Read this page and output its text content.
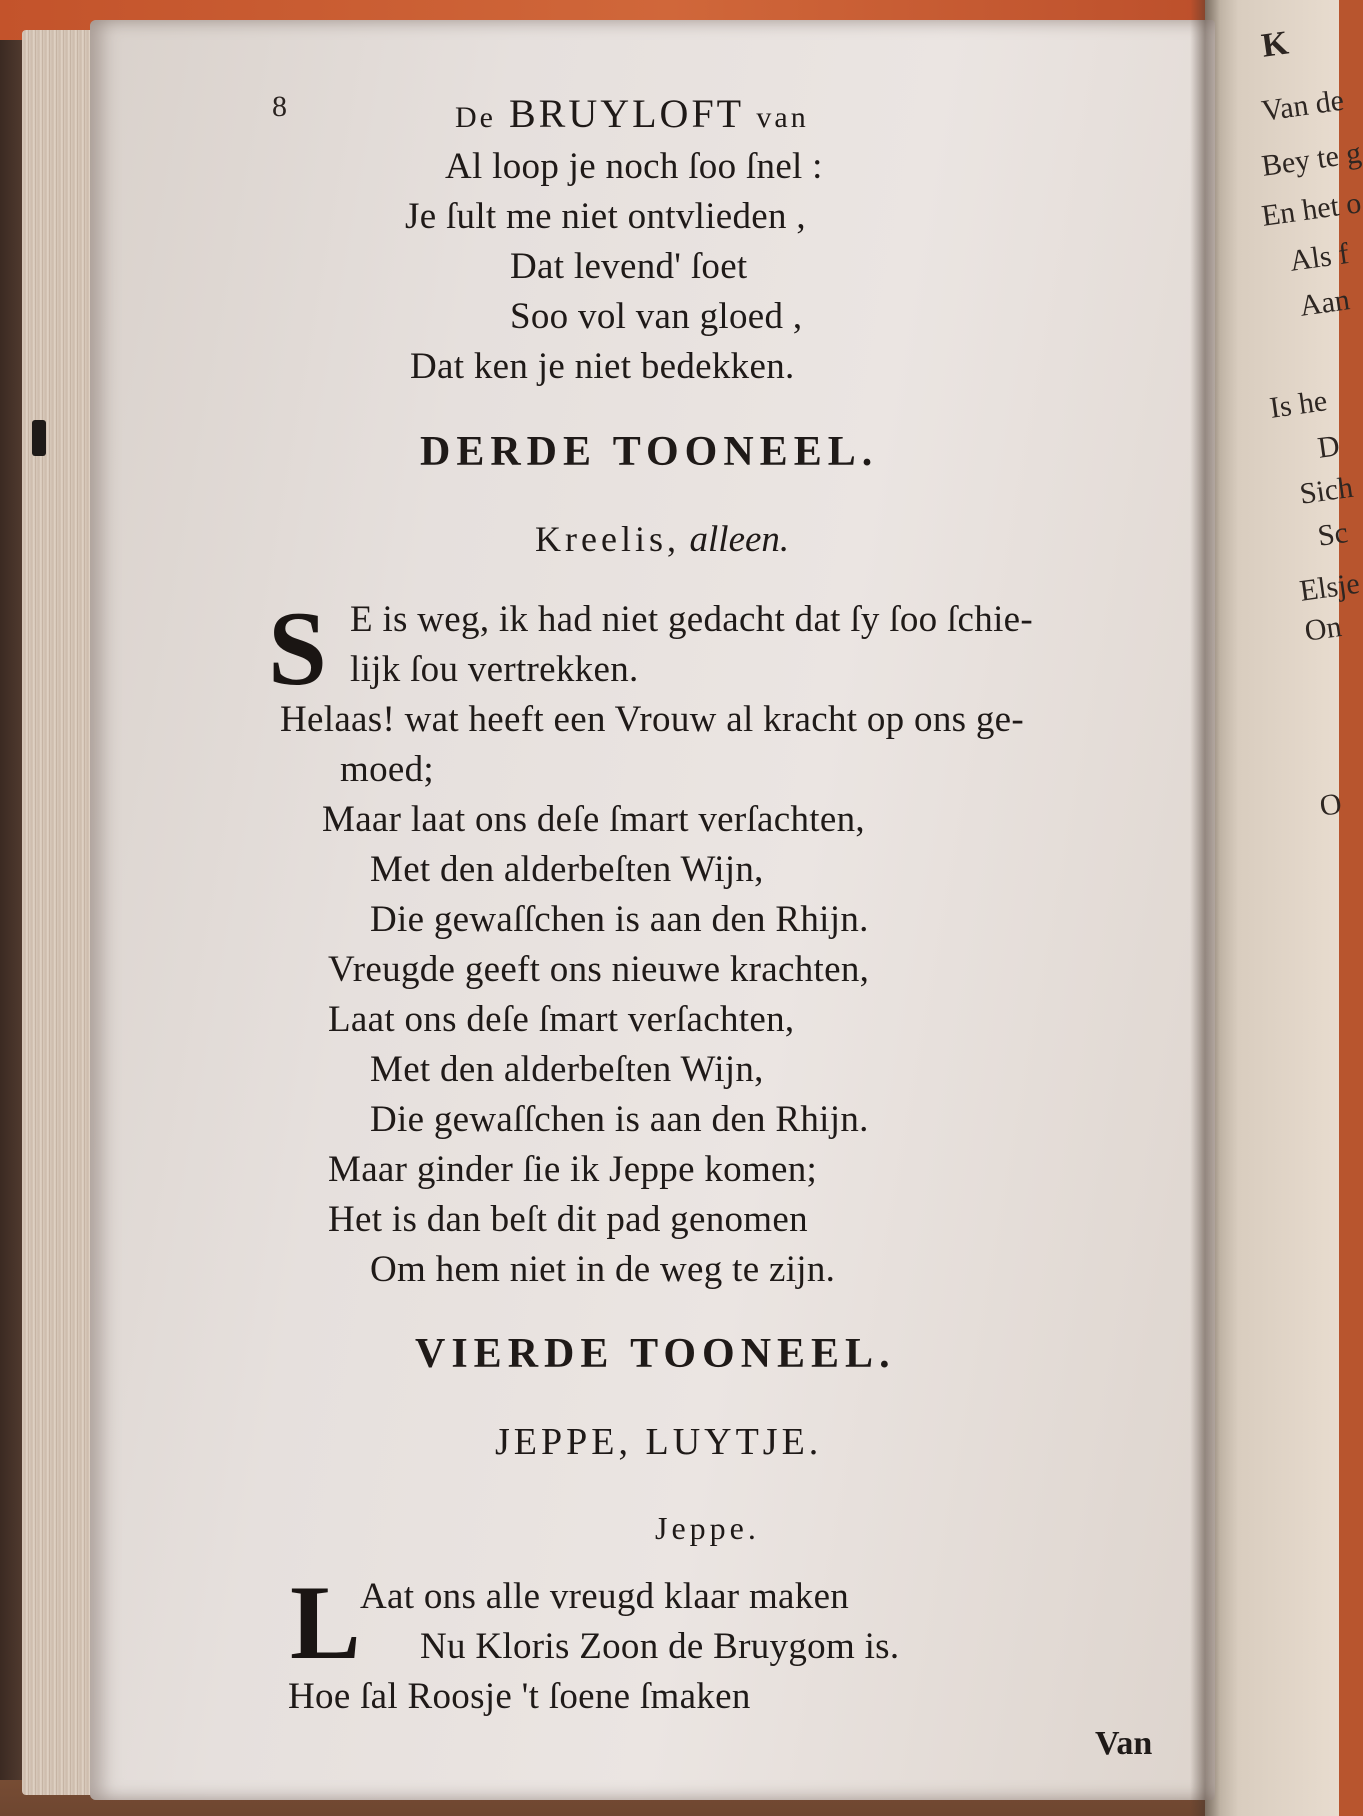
K
Van de
Bey te g
En het o
Als f
Aan
Is he
D
Sich
Sc
Elsje
On
O
8	De BRUYLOFT van
Al loop je noch ſoo ſnel :
Je ſult me niet ontvlieden ,
Dat levend' ſoet
Soo vol van gloed ,
Dat ken je niet bedekken.
DERDE TOONEEL.
Kreelis, alleen.
S E is weg, ik had niet gedacht dat ſy ſoo ſchie-
lijk ſou vertrekken.
Helaas! wat heeft een Vrouw al kracht op ons ge-
moed;
Maar laat ons deſe ſmart verſachten,
Met den alderbeſten Wijn,
Die gewaſſchen is aan den Rhijn.
Vreugde geeft ons nieuwe krachten,
Laat ons deſe ſmart verſachten,
Met den alderbeſten Wijn,
Die gewaſſchen is aan den Rhijn.
Maar ginder ſie ik Jeppe komen;
Het is dan beſt dit pad genomen
Om hem niet in de weg te zijn.
VIERDE TOONEEL.
JEPPE, LUYTJE.
Jeppe.
L Aat ons alle vreugd klaar maken
Nu Kloris Zoon de Bruygom is.
Hoe ſal Roosje 't ſoene ſmaken
Van
